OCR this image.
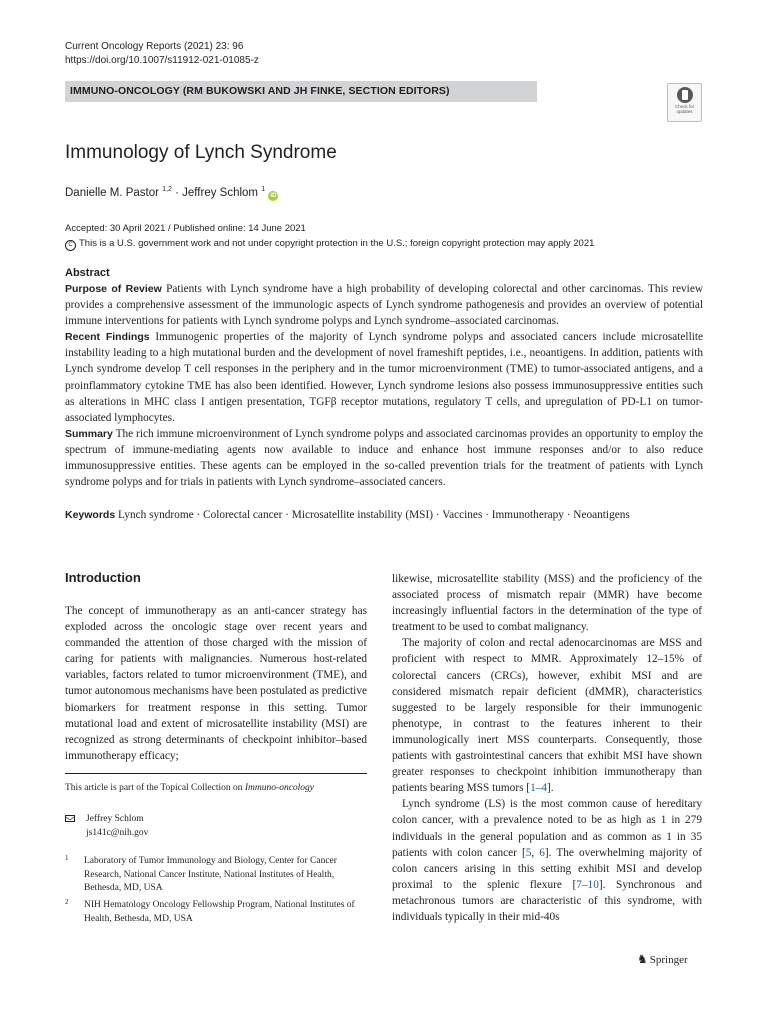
Current Oncology Reports (2021) 23: 96
https://doi.org/10.1007/s11912-021-01085-z
IMMUNO-ONCOLOGY (RM BUKOWSKI AND JH FINKE, SECTION EDITORS)
Check for
updates
Immunology of Lynch Syndrome
Danielle M. Pastor $^{1,2}$ · Jeffrey Schlom $^1$ iD
Accepted: 30 April 2021 / Published online: 14 June 2021
C This is a U.S. government work and not under copyright protection in the U.S.; foreign copyright protection may apply 2021
Abstract

Purpose of Review Patients with Lynch syndrome have a high probability of developing colorectal and other carcinomas. This review provides a comprehensive assessment of the immunologic aspects of Lynch syndrome pathogenesis and provides an overview of potential immune interventions for patients with Lynch syndrome polyps and Lynch syndrome–associated carcinomas.

Recent Findings Immunogenic properties of the majority of Lynch syndrome polyps and associated cancers include microsatellite instability leading to a high mutational burden and the development of novel frameshift peptides, i.e., neoantigens. In addition, patients with Lynch syndrome develop T cell responses in the periphery and in the tumor microenvironment (TME) to tumor-associated antigens, and a proinflammatory cytokine TME has also been identified. However, Lynch syndrome lesions also possess immunosuppressive entities such as alterations in MHC class I antigen presentation, TGFβ receptor mutations, regulatory T cells, and upregulation of PD-L1 on tumor-associated lymphocytes.

Summary The rich immune microenvironment of Lynch syndrome polyps and associated carcinomas provides an opportunity to employ the spectrum of immune-mediating agents now available to induce and enhance host immune responses and/or to also reduce immunosuppressive entities. These agents can be employed in the so-called prevention trials for the treatment of patients with Lynch syndrome polyps and for trials in patients with Lynch syndrome–associated cancers.

Keywords Lynch syndrome · Colorectal cancer · Microsatellite instability (MSI) · Vaccines · Immunotherapy · Neoantigens
Introduction

The concept of immunotherapy as an anti-cancer strategy has exploded across the oncologic stage over recent years and commanded the attention of those charged with the mission of caring for patients with malignancies. Numerous host-related variables, factors related to tumor microenvironment (TME), and tumor autonomous mechanisms have been postulated as predictive biomarkers for treatment response in this setting. Tumor mutational load and extent of microsatellite instability (MSI) are recognized as strong determinants of checkpoint inhibitor–based immunotherapy efficacy;

likewise, microsatellite stability (MSS) and the proficiency of the associated process of mismatch repair (MMR) have become increasingly influential factors in the determination of the type of treatment to be used to combat malignancy.

The majority of colon and rectal adenocarcinomas are MSS and proficient with respect to MMR. Approximately 12–15% of colorectal cancers (CRCs), however, exhibit MSI and are considered mismatch repair deficient (dMMR), characteristics suggested to be largely responsible for their immunogenic phenotype, in contrast to the features inherent to their immunologically inert MSS counterparts. Consequently, those patients with gastrointestinal cancers that exhibit MSI have shown greater responses to checkpoint inhibition immunotherapy than patients bearing MSS tumors [1–4].

Lynch syndrome (LS) is the most common cause of hereditary colon cancer, with a prevalence noted to be as high as 1 in 279 individuals in the general population and as common as 1 in 35 patients with colon cancer [5, 6]. The overwhelming majority of colon cancers arising in this setting exhibit MSI and develop proximal to the splenic flexure [7–10]. Synchronous and metachronous tumors are characteristic of this syndrome, with individuals typically in their mid-40s

This article is part of the Topical Collection on Immuno-oncology
Jeffrey Schlom
js141c@nih.gov
1	Laboratory of Tumor Immunology and Biology, Center for Cancer Research, National Cancer Institute, National Institutes of Health, Bethesda, MD, USA
2	NIH Hematology Oncology Fellowship Program, National Institutes of Health, Bethesda, MD, USA
♞ Springer
